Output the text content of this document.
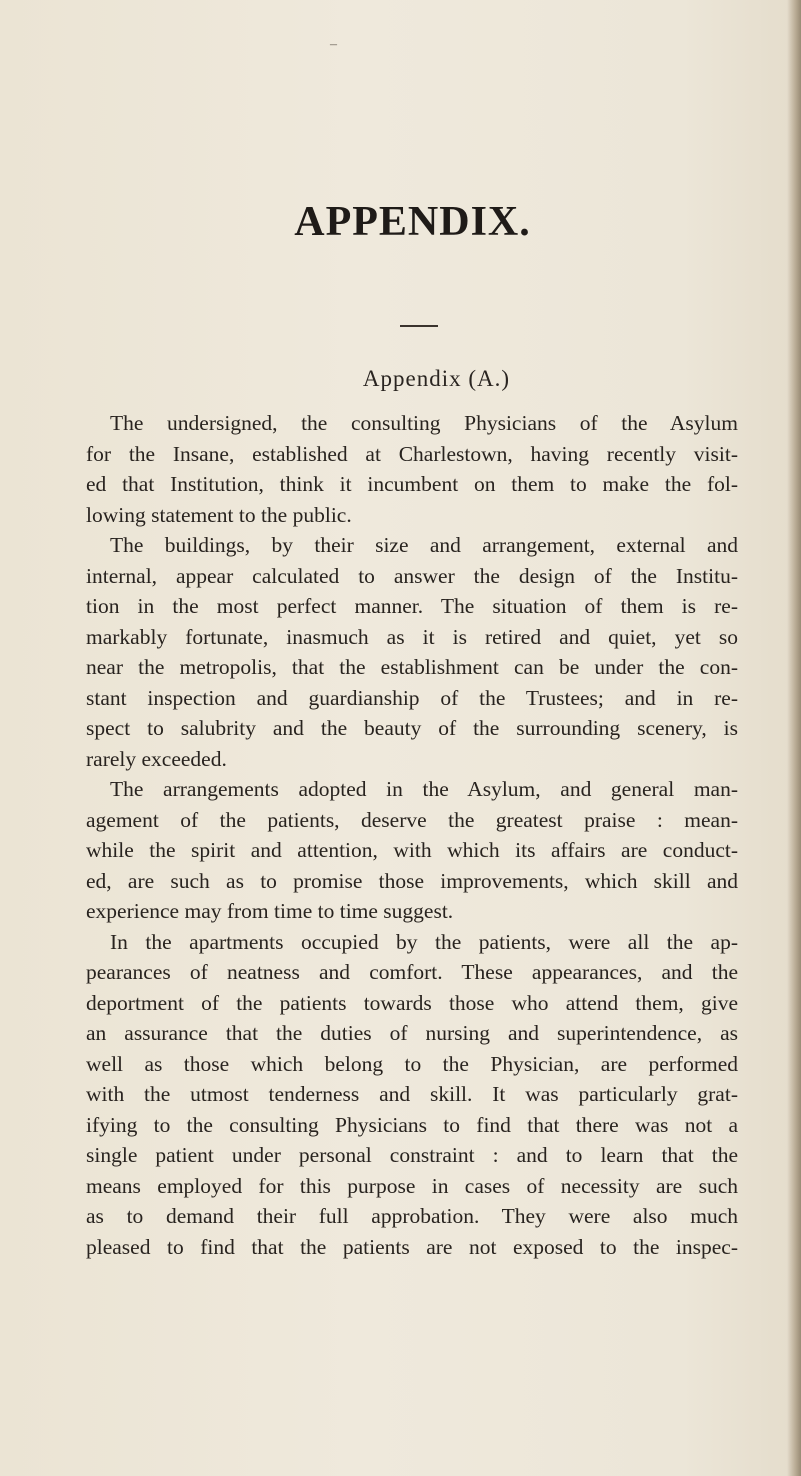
–
APPENDIX.
Appendix (A.)
The undersigned, the consulting Physicians of the Asylum
for the Insane, established at Charlestown, having recently visit-
ed that Institution, think it incumbent on them to make the fol-
lowing statement to the public.
The buildings, by their size and arrangement, external and
internal, appear calculated to answer the design of the Institu-
tion in the most perfect manner. The situation of them is re-
markably fortunate, inasmuch as it is retired and quiet, yet so
near the metropolis, that the establishment can be under the con-
stant inspection and guardianship of the Trustees; and in re-
spect to salubrity and the beauty of the surrounding scenery, is
rarely exceeded.
The arrangements adopted in the Asylum, and general man-
agement of the patients, deserve the greatest praise : mean-
while the spirit and attention, with which its affairs are conduct-
ed, are such as to promise those improvements, which skill and
experience may from time to time suggest.
In the apartments occupied by the patients, were all the ap-
pearances of neatness and comfort. These appearances, and the
deportment of the patients towards those who attend them, give
an assurance that the duties of nursing and superintendence, as
well as those which belong to the Physician, are performed
with the utmost tenderness and skill. It was particularly grat-
ifying to the consulting Physicians to find that there was not a
single patient under personal constraint : and to learn that the
means employed for this purpose in cases of necessity are such
as to demand their full approbation. They were also much
pleased to find that the patients are not exposed to the inspec-
